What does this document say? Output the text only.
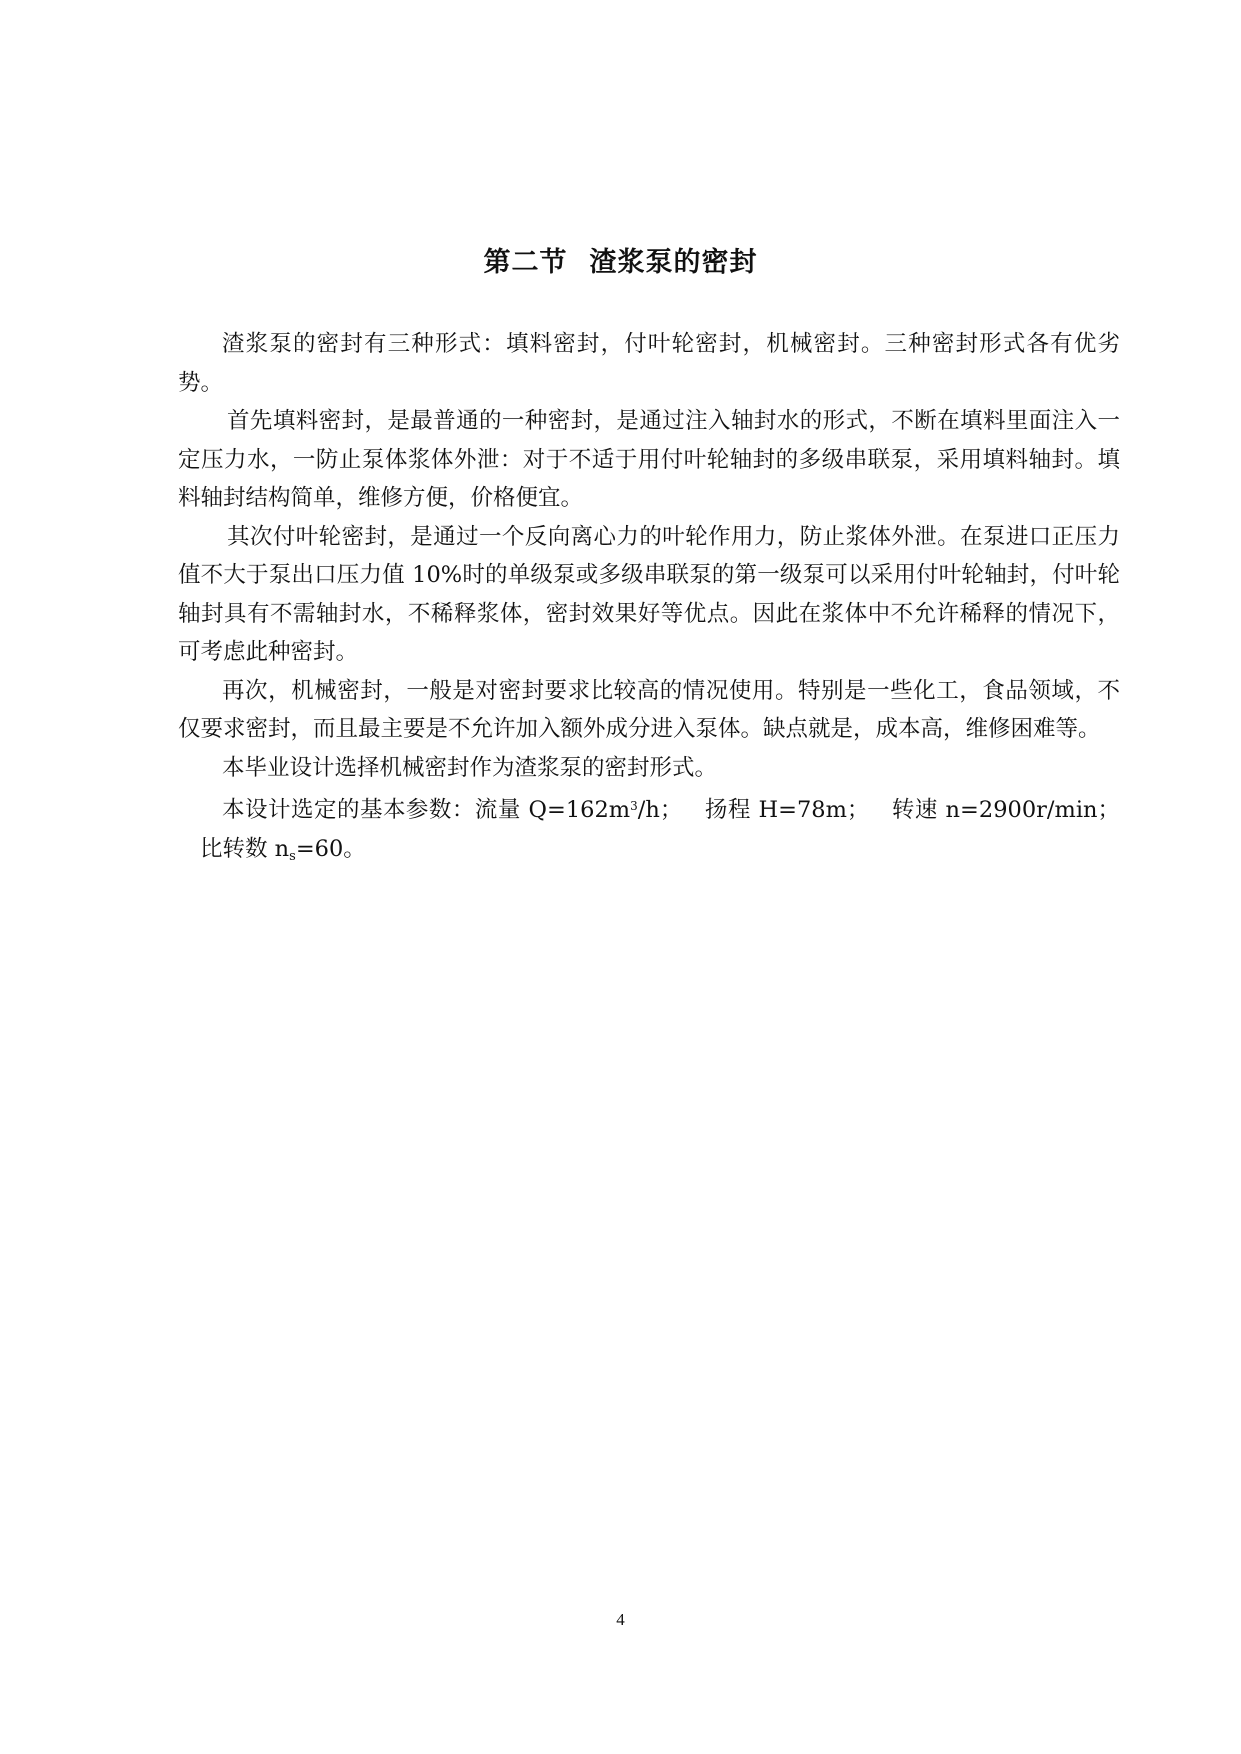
第二节 渣浆泵的密封

渣浆泵的密封有三种形式：填料密封，付叶轮密封，机械密封。三种密封形式各有优劣势。

首先填料密封，是最普通的一种密封，是通过注入轴封水的形式，不断在填料里面注入一定压力水，一防止泵体浆体外泄：对于不适于用付叶轮轴封的多级串联泵，采用填料轴封。填料轴封结构简单，维修方便，价格便宜。

其次付叶轮密封，是通过一个反向离心力的叶轮作用力，防止浆体外泄。在泵进口正压力值不大于泵出口压力值 10%时的单级泵或多级串联泵的第一级泵可以采用付叶轮轴封，付叶轮轴封具有不需轴封水，不稀释浆体，密封效果好等优点。因此在浆体中不允许稀释的情况下，可考虑此种密封。

再次，机械密封，一般是对密封要求比较高的情况使用。特别是一些化工，食品领域，不仅要求密封，而且最主要是不允许加入额外成分进入泵体。缺点就是，成本高，维修困难等。

本毕业设计选择机械密封作为渣浆泵的密封形式。

本设计选定的基本参数：流量 $Q=162m^3/h$； 扬程 H=78m； 转速 n=2900r/min；比转数 $n_s=60$。

4
